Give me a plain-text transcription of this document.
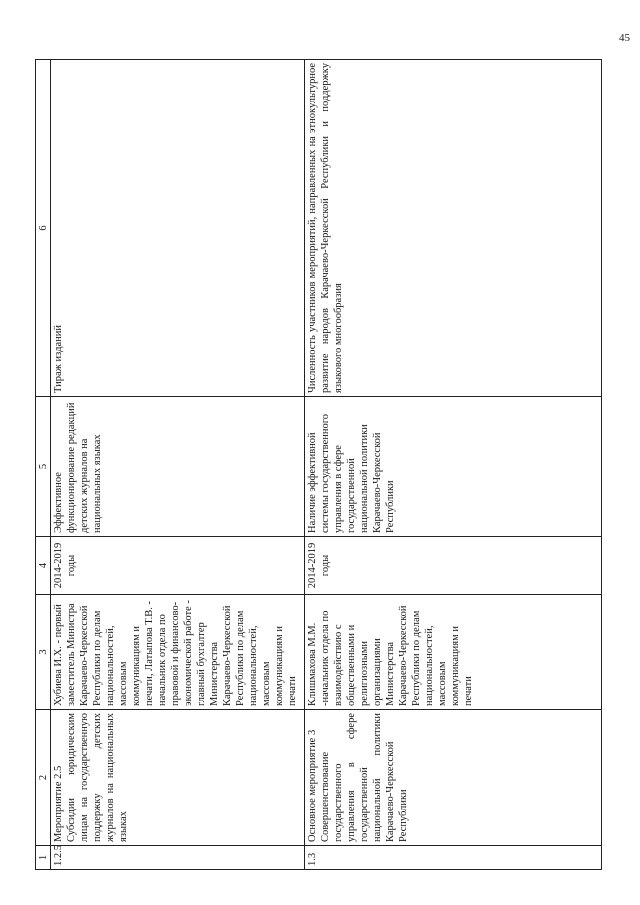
45
1	2	3	4	5	6
1.2.5	Мероприятие 2.5
Субсидии юридическим лицам на государственную поддержку детских журналов на национальных языках	Хубиева И.Х. - первый заместитель Министра Карачаево-Черкесской Республики по делам национальностей, массовым коммуникациям и печати, Латыпова Т.В. - начальник отдела по правовой и финансово-экономической работе - главный бухгалтер Министерства Карачаево-Черкесской Республики по делам национальностей, массовым коммуникациям и печати	2014-2019 годы	Эффективное функционирование редакций детских журналов на национальных языках	Тираж изданий
1.3	Основное мероприятие 3
Совершенствование государственного управления в сфере государственной национальной политики Карачаево-Черкесской Республики	Клишмахова М.М. -начальник отдела по взаимодействию с общественными и религиозными организациями Министерства Карачаево-Черкесской Республики по делам национальностей, массовым коммуникациям и печати	2014-2019 годы	Наличие эффективной системы государственного управления в сфере государственной национальной политики Карачаево-Черкесской Республики	Численность участников мероприятий, направленных на этнокультурное развитие народов Карачаево-Черкесской Республики и поддержку языкового многообразия
